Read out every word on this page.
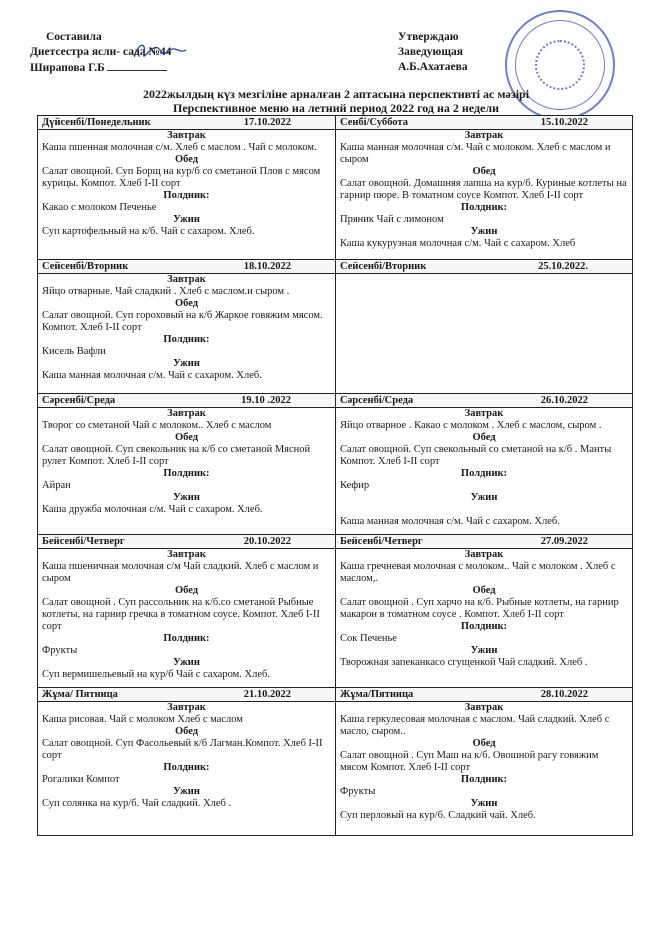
Составила
Диетсестра ясли- сада №44
Ширапова Г.Б
Утверждаю
Заведующая
А.Б.Ахатаева
2022жылдың күз мезгіліне арналған 2 аптасына перспективті ас мәзірі
Перспективное меню на летний период 2022 год на 2 недели
Дүйсенбі/Понедельник	17.10.2022
Завтрак
Каша пшенная молочная с/м. Хлеб с маслом . Чай с молоком.
Обед
Салат овощной. Суп Борщ на кур/б со сметаной Плов с мясом курицы. Компот. Хлеб I-II сорт
Полдник:
Какао с молоком Печенье
Ужин
Суп картофельный на к/б. Чай с сахаром. Хлеб.
Сенбі/Суббота	15.10.2022
Завтрак
Каша манная молочная с/м. Чай с молоком. Хлеб с маслом и сыром
Обед
Салат овощной. Домашняя лапша на кур/б. Куриные котлеты на гарнир пюре. В томатном соусе Компот. Хлеб I-II сорт
Полдник:
Пряник Чай с лимоном
Ужин
Каша кукурузная молочная с/м. Чай с сахаром. Хлеб
Сейсенбі/Вторник	18.10.2022
Завтрак
Яйцо отварные. Чай сладкий . Хлеб с маслом.и сыром .
Обед
Салат овощной. Суп гороховый на к/б Жаркое говяжим мясом. Компот. Хлеб I-II сорт
Полдник:
Кисель Вафли
Ужин
Каша манная молочная с/м. Чай с сахаром. Хлеб.
Сейсенбі/Вторник	25.10.2022.
Сәрсенбі/Среда	19.10 .2022
Завтрак
Творог со сметаной Чай с молоком.. Хлеб с маслом
Обед
Салат овощной. Суп свекольник на к/б со сметаной Мясной рулет Компот. Хлеб I-II сорт
Полдник:
Айран
Ужин
Каша дружба молочная с/м. Чай с сахаром. Хлеб.
Сәрсенбі/Среда	26.10.2022
Завтрак
Яйцо отварное . Какао с молоком . Хлеб с маслом, сыром .
Обед
Салат овощной. Суп свекольный со сметаной на к/б . Манты Компот. Хлеб I-II сорт
Полдник:
Кефир
Ужин
Каша манная молочная с/м. Чай с сахаром. Хлеб.
Бейсенбі/Четверг	20.10.2022
Завтрак
Каша пшеничная молочная с/м Чай сладкий. Хлеб с маслом и сыром
Обед
Салат овощной . Суп рассольник на к/б.со сметаной Рыбные котлеты, на гарнир гречка в томатном соусе. Компот. Хлеб I-II сорт
Полдник:
Фрукты
Ужин
Суп вермишельевый на кур/б Чай с сахаром. Хлеб.
Бейсенбі/Четверг	27.09.2022
Завтрак
Каша гречневая молочная с молоком.. Чай с молоком . Хлеб с маслом,.
Обед
Салат овощной . Суп харчо на к/б. Рыбные котлеты, на гарнир макарон в томатном соусе . Компот. Хлеб I-II сорт
Полдник:
Сок Печенье
Ужин
Творожная запеканкасо сгущенкой Чай сладкий. Хлеб .
Жұма/ Пятница	21.10.2022
Завтрак
Каша рисовая. Чай с молоком Хлеб с маслом
Обед
Салат овощной. Суп Фасольевый к/б Лагман.Компот. Хлеб I-II сорт
Полдник:
Рогалики Компот
Ужин
Суп солянка на кур/б. Чай сладкий. Хлеб .
Жұма/Пятница	28.10.2022
Завтрак
Каша геркулесовая молочная с маслом. Чай сладкий. Хлеб с масло, сыром..
Обед
Салат овощной . Суп Маш на к/б. Овошной рагу говяжим мясом Компот. Хлеб I-II сорт
Полдник:
Фрукты
Ужин
Суп перловый на кур/б. Сладкий чай. Хлеб.
